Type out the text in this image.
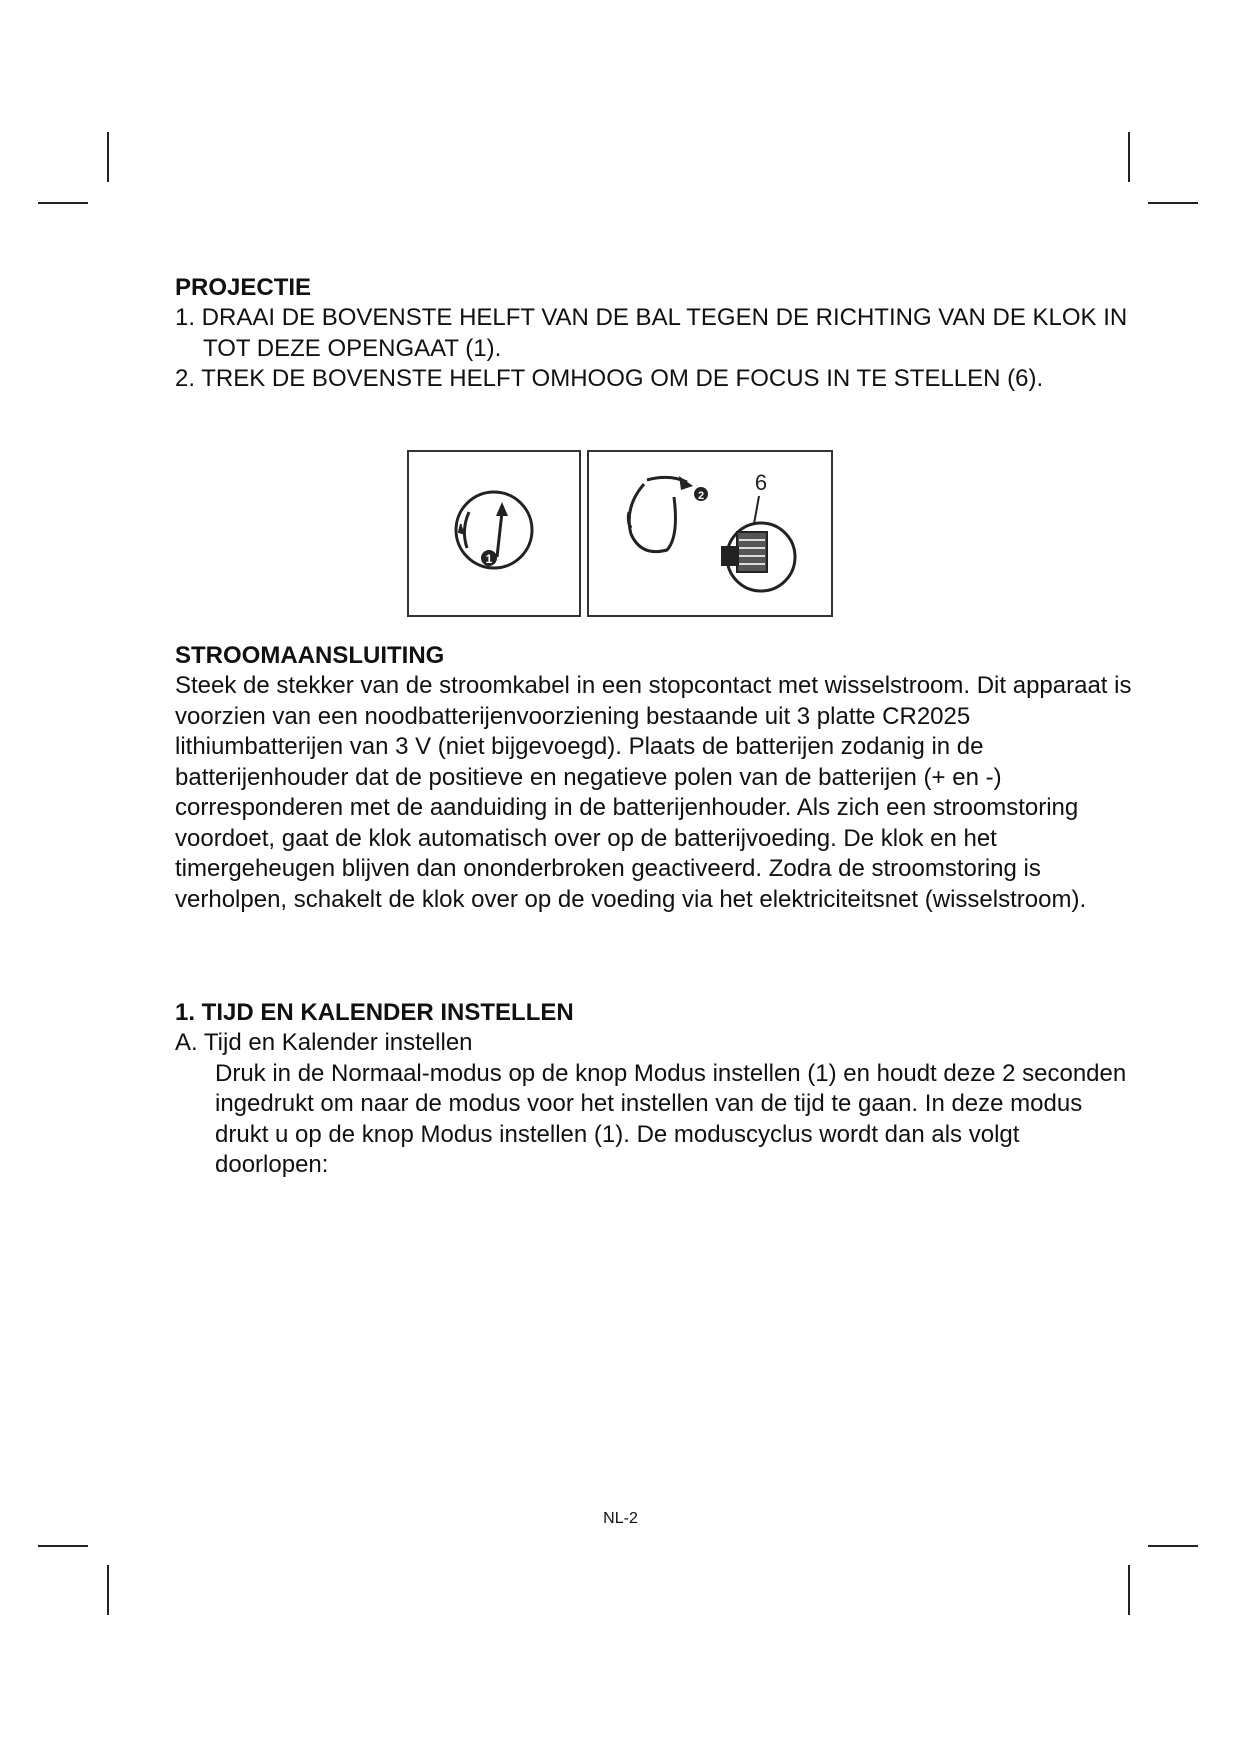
PROJECTIE
1. DRAAI DE BOVENSTE HELFT VAN DE BAL TEGEN DE RICHTING VAN DE KLOK IN TOT DEZE OPENGAAT (1).
2. TREK DE BOVENSTE HELFT OMHOOG OM DE FOCUS IN TE STELLEN (6).
1
2
6
STROOMAANSLUITING
Steek de stekker van de stroomkabel in een stopcontact met wisselstroom. Dit apparaat is voorzien van een noodbatterijenvoorziening bestaande uit 3 platte CR2025 lithiumbatterijen van 3 V (niet bijgevoegd). Plaats de batterijen zodanig in de batterijenhouder dat de positieve en negatieve polen van de batterijen (+ en -) corresponderen met de aanduiding in de batterijenhouder. Als zich een stroomstoring voordoet, gaat de klok automatisch over op de batterijvoeding. De klok en het timergeheugen blijven dan ononderbroken geactiveerd. Zodra de stroomstoring is verholpen, schakelt de klok over op de voeding via het elektriciteitsnet (wisselstroom).
1. TIJD EN KALENDER INSTELLEN
A. Tijd en Kalender instellen
Druk in de Normaal-modus op de knop Modus instellen (1) en houdt deze 2 seconden ingedrukt om naar de modus voor het instellen van de tijd te gaan. In deze modus drukt u op de knop Modus instellen (1). De moduscyclus wordt dan als volgt doorlopen:
NL-2
